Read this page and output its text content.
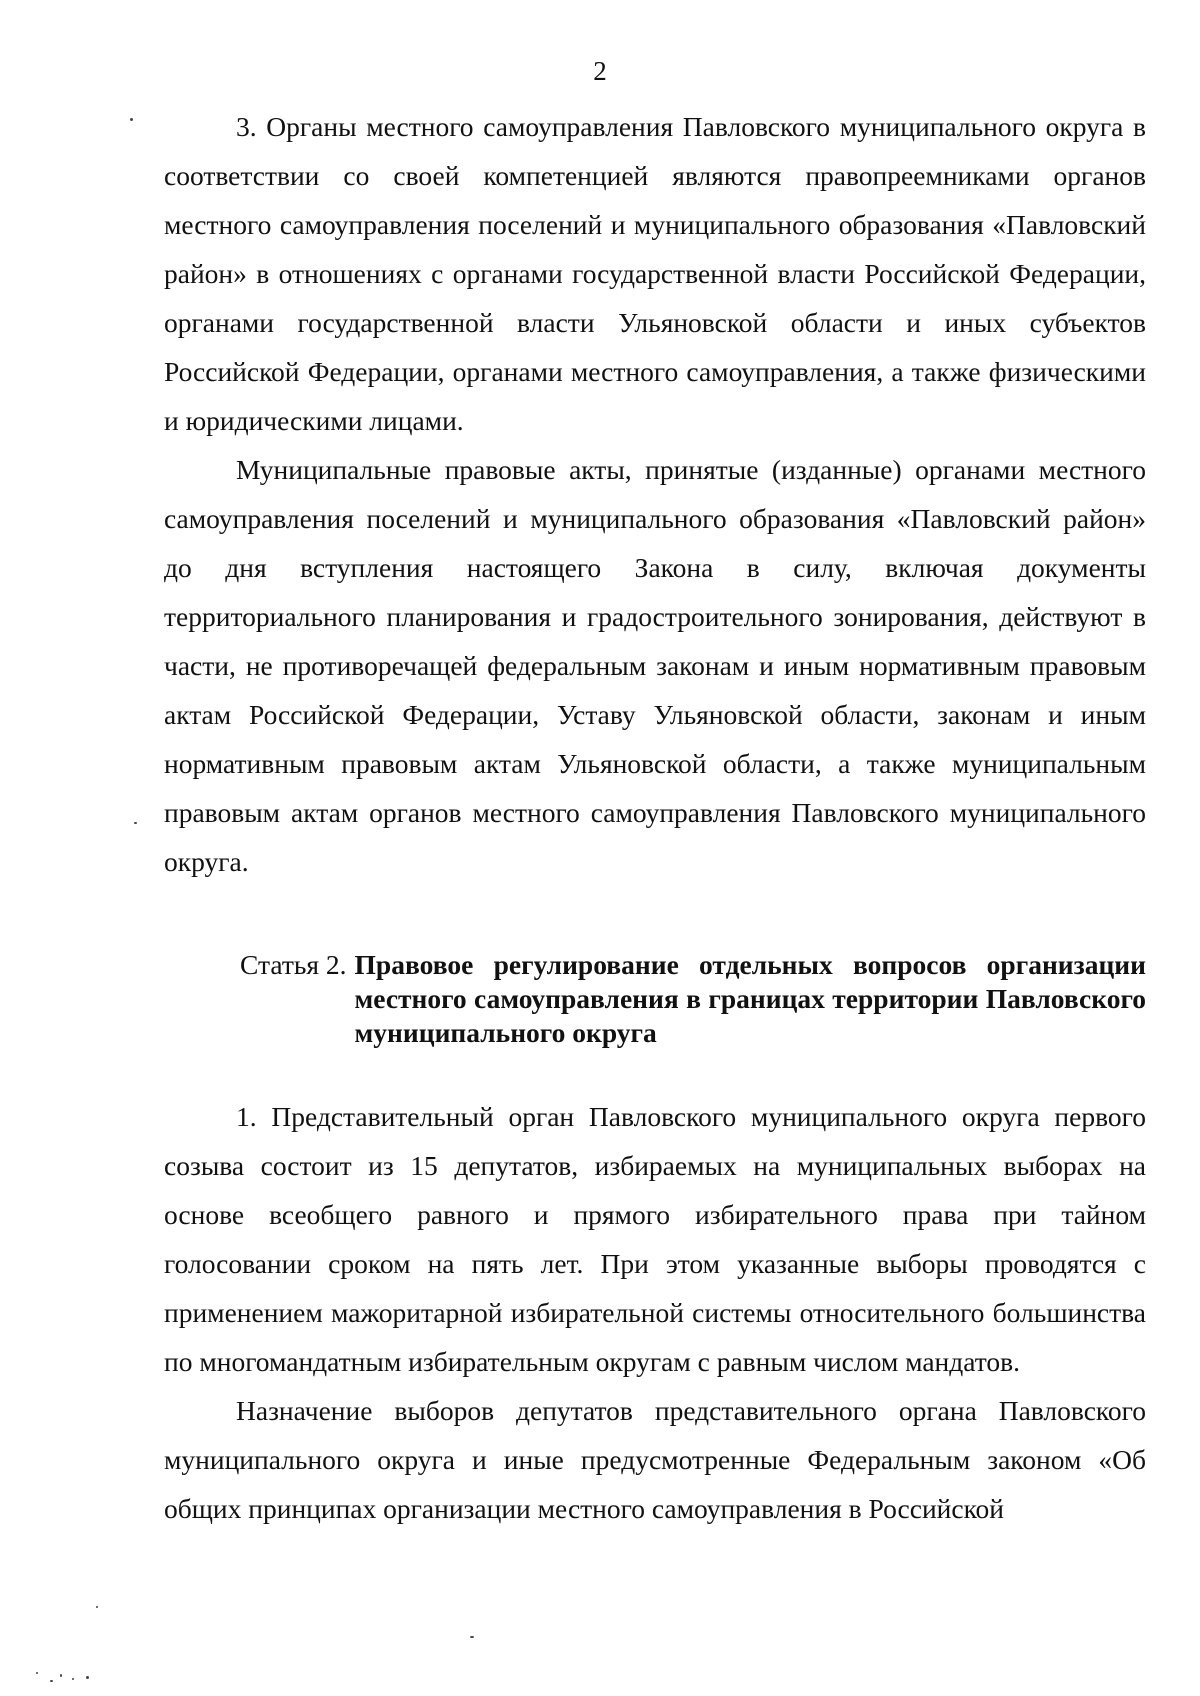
2

3. Органы местного самоуправления Павловского муниципального округа в соответствии со своей компетенцией являются правопреемниками органов местного самоуправления поселений и муниципального образования «Павловский район» в отношениях с органами государственной власти Российской Федерации, органами государственной власти Ульяновской области и иных субъектов Российской Федерации, органами местного самоуправления, а также физическими и юридическими лицами.

Муниципальные правовые акты, принятые (изданные) органами местного самоуправления поселений и муниципального образования «Павловский район» до дня вступления настоящего Закона в силу, включая документы территориального планирования и градостроительного зонирования, действуют в части, не противоречащей федеральным законам и иным нормативным правовым актам Российской Федерации, Уставу Ульяновской области, законам и иным нормативным правовым актам Ульяновской области, а также муниципальным правовым актам органов местного самоуправления Павловского муниципального округа.

Статья 2. Правовое регулирование отдельных вопросов организации местного самоуправления в границах территории Павловского муниципального округа

1. Представительный орган Павловского муниципального округа первого созыва состоит из 15 депутатов, избираемых на муниципальных выборах на основе всеобщего равного и прямого избирательного права при тайном голосовании сроком на пять лет. При этом указанные выборы проводятся с применением мажоритарной избирательной системы относительного большинства по многомандатным избирательным округам с равным числом мандатов.

Назначение выборов депутатов представительного органа Павловского муниципального округа и иные предусмотренные Федеральным законом «Об общих принципах организации местного самоуправления в Российской
